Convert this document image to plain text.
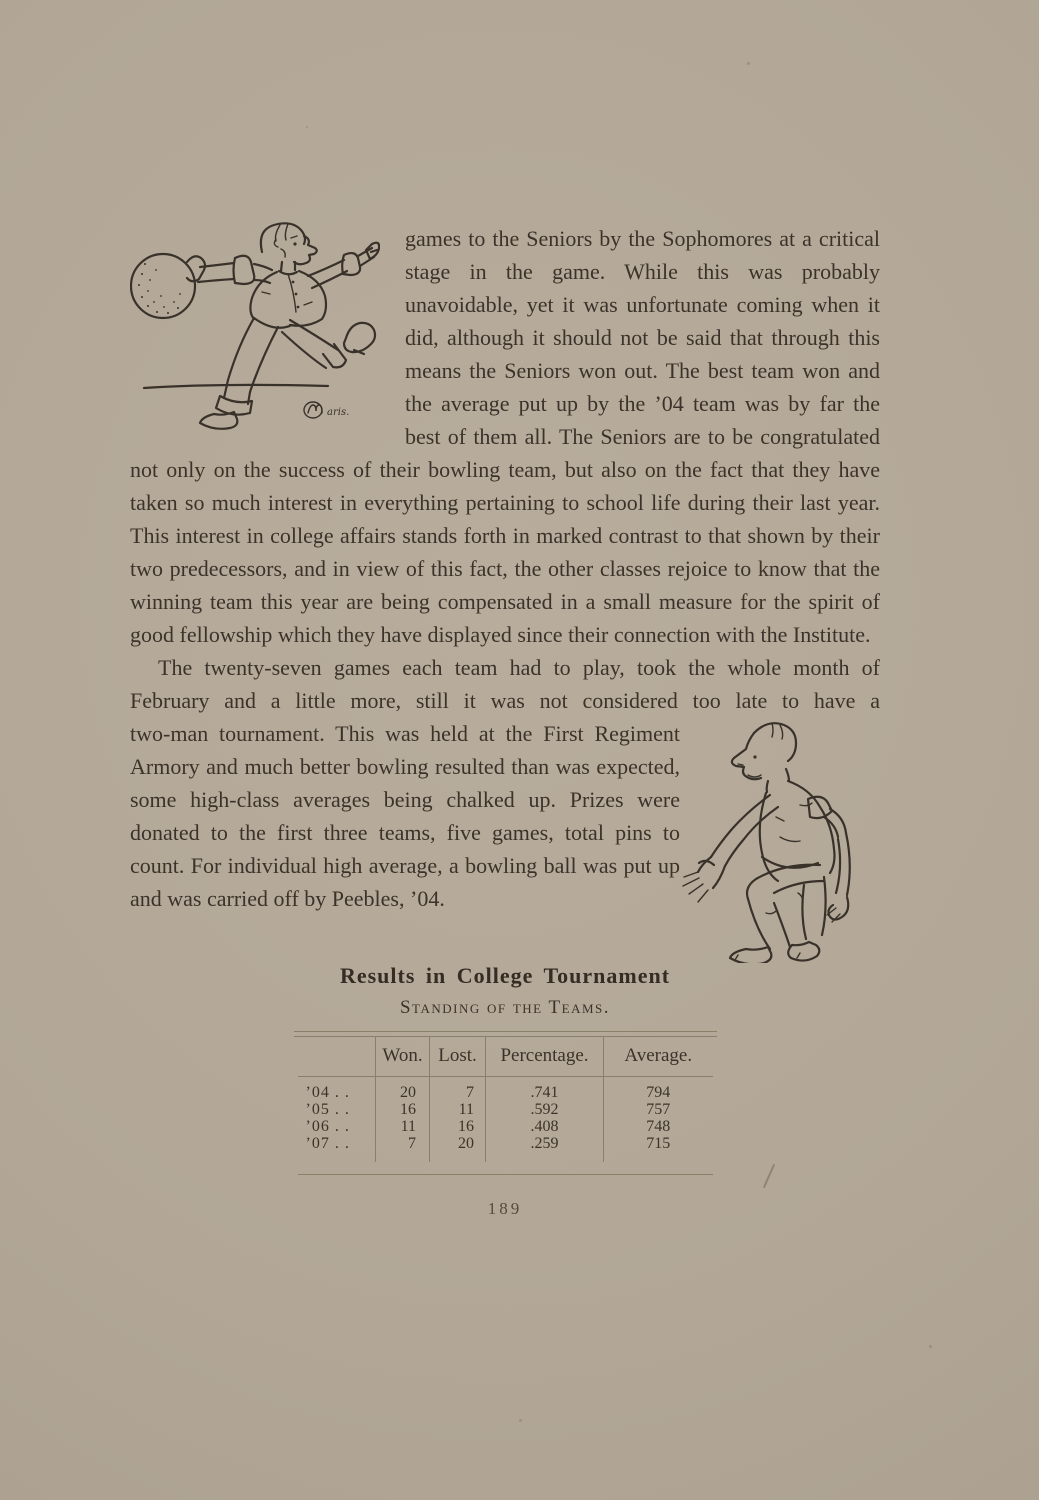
aris.

games to the Seniors by the Sophomores at a critical stage in the game. While this was probably unavoidable, yet it was unfortunate coming when it did, although it should not be said that through this means the Seniors won out. The best team won and the average put up by the ’04 team was by far the best of them all. The Seniors are to be congratulated not only on the success of their bowling team, but also on the fact that they have taken so much interest in everything pertaining to school life during their last year. This interest in college affairs stands forth in marked contrast to that shown by their two predecessors, and in view of this fact, the other classes rejoice to know that the winning team this year are being compensated in a small measure for the spirit of good fellowship which they have displayed since their connection with the Institute.

The twenty-seven games each team had to play, took the whole month of February and a little more, still it was not considered too late to have a

two-man tournament. This was held at the First Regiment Armory and much better bowling resulted than was expected, some high-class averages being chalked up. Prizes were donated to the first three teams, five games, total pins to count. For individual high average, a bowling ball was put up and was carried off by Peebles, ’04.

Results in College Tournament
Standing of the Teams.
	Won.	Lost.	Percentage.	Average.
’04 . .	20	7	.741	794
’05 . .	16	11	.592	757
’06 . .	11	16	.408	748
’07 . .	7	20	.259	715
189
